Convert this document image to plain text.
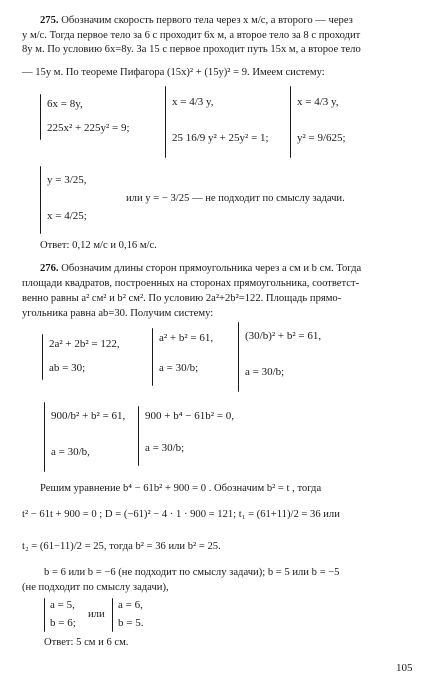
275. Обозначим скорость первого тела через x м/с, а второго — через
y м/с. Тогда первое тело за 6 с проходит 6x м, а второе тело за 8 с проходит
8y м. По условию 6x=8y. За 15 с первое проходит путь 15x м, а второе тело
— 15y м. По теореме Пифагора (15x)² + (15y)² = 9. Имеем систему:
6x = 8y,
225x² + 225y² = 9;
x = 4/3 y,
25 16/9 y² + 25y² = 1;
x = 4/3 y,
y² = 9/625;
y = 3/25,
x = 4/25;
или y = − 3/25 — не подходит по смыслу задачи.
Ответ: 0,12 м/с и 0,16 м/с.
276. Обозначим длины сторон прямоугольника через a см и b см. Тогда
площади квадратов, построенных на сторонах прямоугольника, соответст-
венно равны a² см² и b² см². По условию 2a²+2b²=122. Площадь прямо-
угольника равна ab=30. Получим систему:
2a² + 2b² = 122,
ab = 30;
a² + b² = 61,
a = 30/b;
(30/b)² + b² = 61,
a = 30/b;
900/b² + b² = 61,
a = 30/b,
900 + b⁴ − 61b² = 0,
a = 30/b;
Решим уравнение b⁴ − 61b² + 900 = 0 . Обозначим b² = t , тогда
t² − 61t + 900 = 0 ; D = (−61)² − 4 · 1 · 900 = 121; t₁ = (61+11)/2 = 36 или
t₂ = (61−11)/2 = 25, тогда b² = 36 или b² = 25.
b = 6 или b = −6 (не подходит по смыслу задачи); b = 5 или b = −5
(не подходит по смыслу задачи),
a = 5,
b = 6;
или
a = 6,
b = 5.
Ответ: 5 см и 6 см.
105
